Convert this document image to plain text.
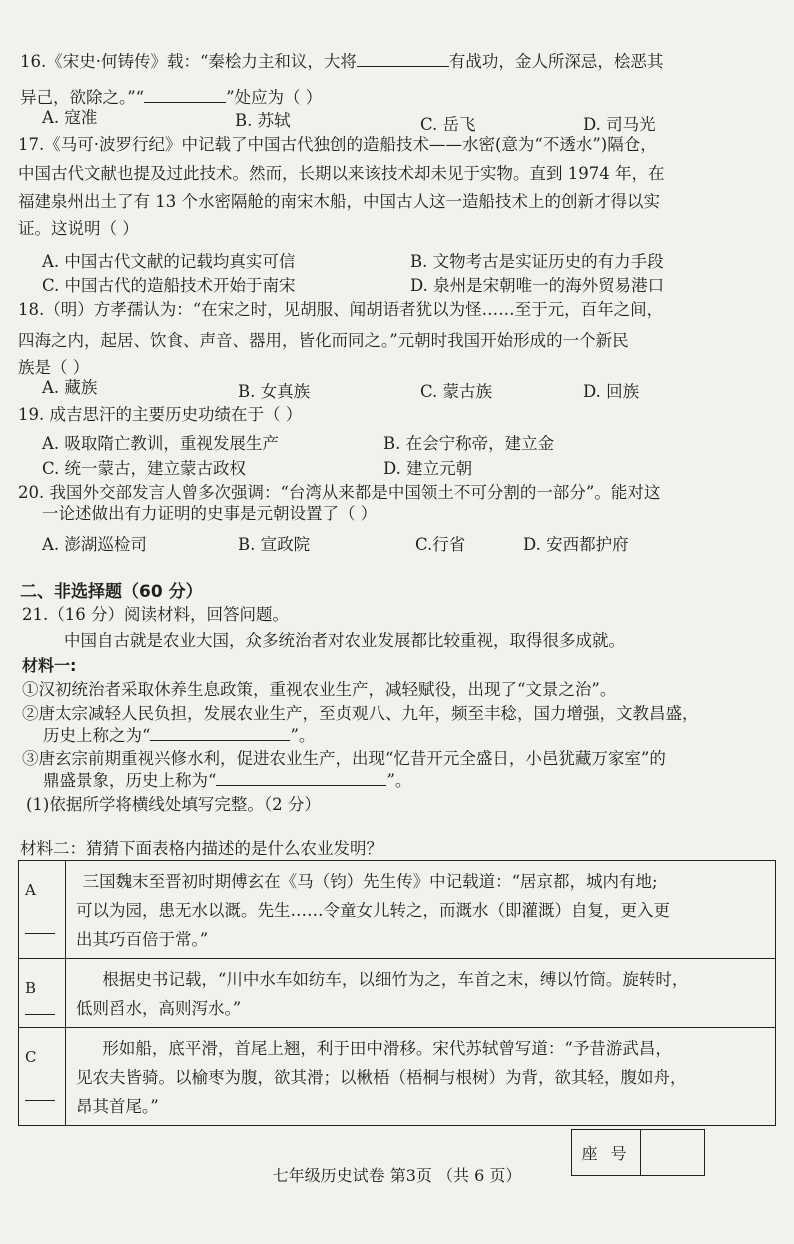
16.《宋史·何铸传》载：“秦桧力主和议，大将	有战功，金人所深忌，桧恶其
异己，欲除之。”“	”处应为（ ）
A. 寇准	B. 苏轼	C. 岳飞	D. 司马光
17.《马可·波罗行纪》中记载了中国古代独创的造船技术——水密(意为“不透水”)隔仓，
中国古代文献也提及过此技术。然而，长期以来该技术却未见于实物。直到 1974 年，在
福建泉州出土了有 13 个水密隔舱的南宋木船，中国古人这一造船技术上的创新才得以实
证。这说明（ ）
A. 中国古代文献的记载均真实可信	B. 文物考古是实证历史的有力手段
C. 中国古代的造船技术开始于南宋	D. 泉州是宋朝唯一的海外贸易港口
18.（明）方孝孺认为：“在宋之时，见胡服、闻胡语者犹以为怪……至于元，百年之间，
四海之内，起居、饮食、声音、器用，皆化而同之。”元朝时我国开始形成的一个新民
族是（ ）
A. 藏族	B. 女真族	C. 蒙古族	D. 回族
19. 成吉思汗的主要历史功绩在于（ ）
A. 吸取隋亡教训，重视发展生产	B. 在会宁称帝，建立金
C. 统一蒙古，建立蒙古政权	D. 建立元朝
20. 我国外交部发言人曾多次强调：“台湾从来都是中国领土不可分割的一部分”。能对这
一论述做出有力证明的史事是元朝设置了（ ）
A. 澎湖巡检司	B. 宣政院	C.行省	D. 安西都护府
二、非选择题（60 分）
21.（16 分）阅读材料，回答问题。
中国自古就是农业大国，众多统治者对农业发展都比较重视，取得很多成就。
材料一:
①汉初统治者采取休养生息政策，重视农业生产，减轻赋役，出现了“文景之治”。
②唐太宗减轻人民负担，发展农业生产，至贞观八、九年，频至丰稔，国力增强，文教昌盛，
历史上称之为“	”。
③唐玄宗前期重视兴修水利，促进农业生产，出现“忆昔开元全盛日，小邑犹藏万家室”的
鼎盛景象，历史上称为“	”。
(1)依据所学将横线处填写完整。（2 分）
材料二：猜猜下面表格内描述的是什么农业发明？
A	三国魏末至晋初时期傅玄在《马（钧）先生传》中记载道：“居京都，城内有地;
可以为园，患无水以溉。先生……令童女儿转之，而溉水（即灌溉）自复，更入更
出其巧百倍于常。”

B	根据史书记载，“川中水车如纺车，以细竹为之，车首之末，缚以竹筒。旋转时，
低则舀水，高则泻水。”

C	形如船，底平滑，首尾上翘，利于田中滑移。宋代苏轼曾写道：“予昔游武昌，
见农夫皆骑。以榆枣为腹，欲其滑；以楸梧（梧桐与根树）为背，欲其轻，腹如舟，
昂其首尾。”
座 号
七年级历史试卷 第3页 （共 6 页）
